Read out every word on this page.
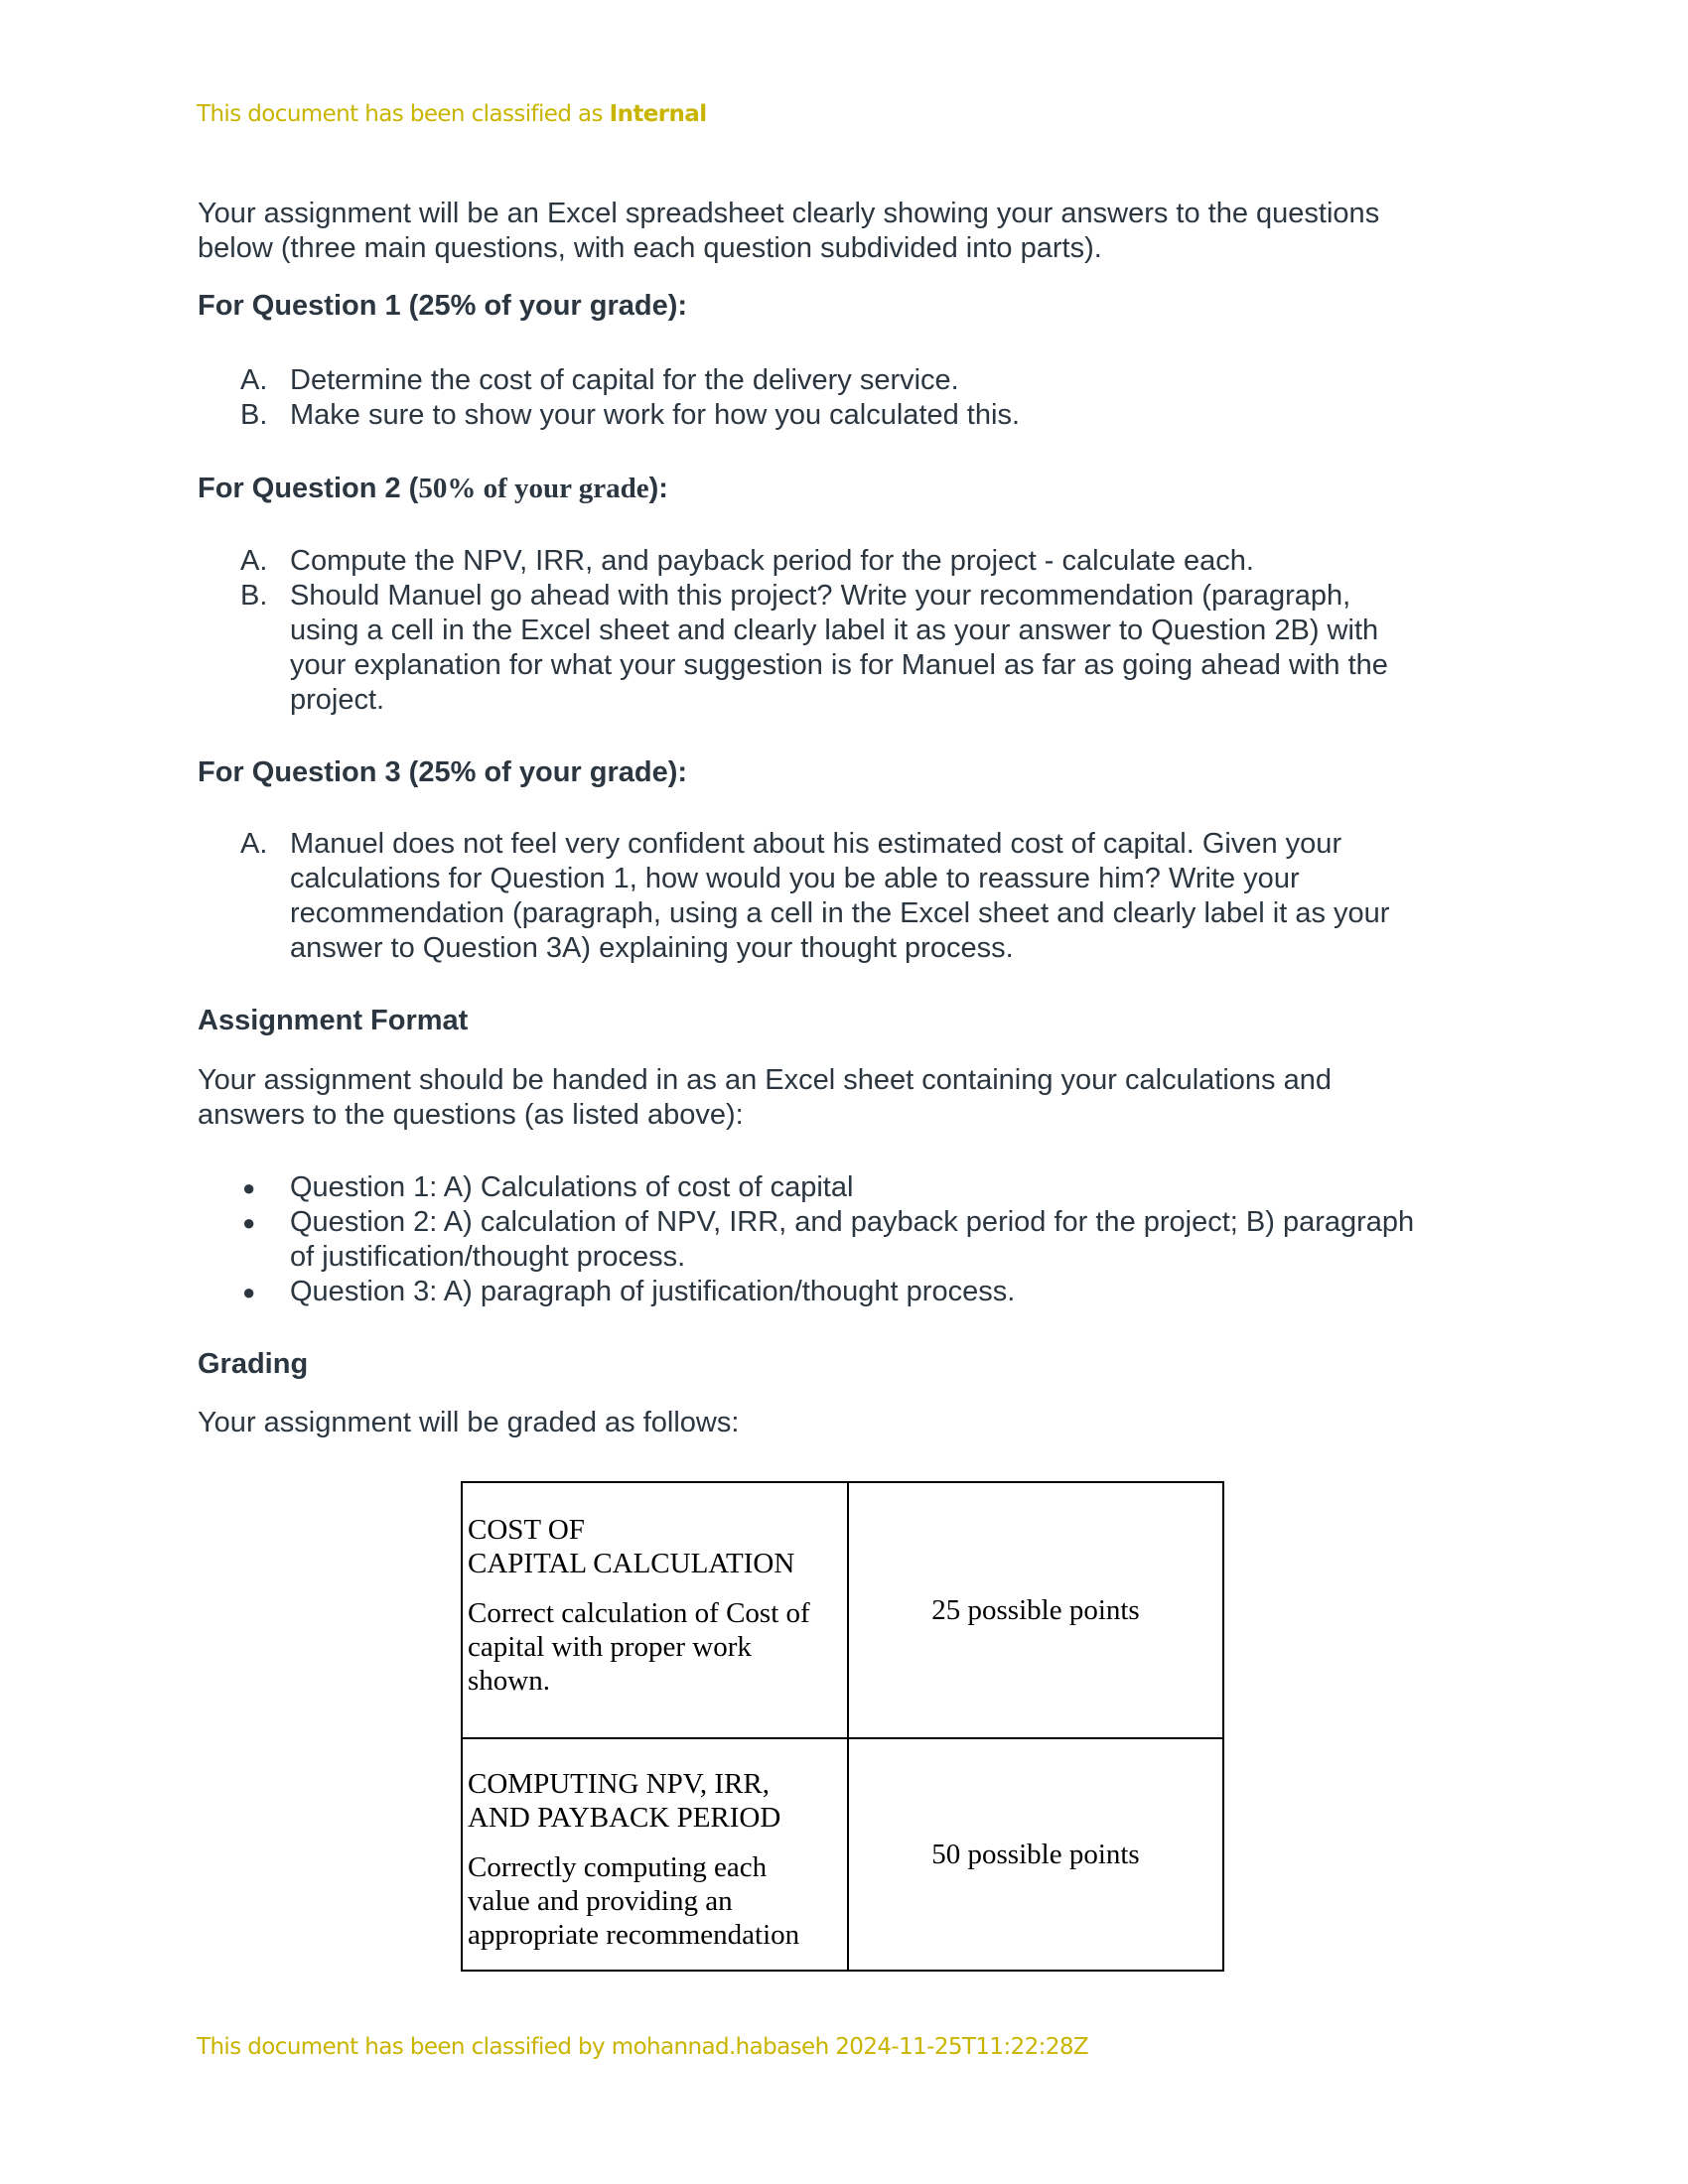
This document has been classified as Internal
Your assignment will be an Excel spreadsheet clearly showing your answers to the questions
below (three main questions, with each question subdivided into parts).
For Question 1 (25% of your grade):
A. Determine the cost of capital for the delivery service.
B. Make sure to show your work for how you calculated this.
For Question 2 (50% of your grade):
A. Compute the NPV, IRR, and payback period for the project - calculate each.
B. Should Manuel go ahead with this project? Write your recommendation (paragraph,
using a cell in the Excel sheet and clearly label it as your answer to Question 2B) with
your explanation for what your suggestion is for Manuel as far as going ahead with the
project.
For Question 3 (25% of your grade):
A. Manuel does not feel very confident about his estimated cost of capital. Given your
calculations for Question 1, how would you be able to reassure him? Write your
recommendation (paragraph, using a cell in the Excel sheet and clearly label it as your
answer to Question 3A) explaining your thought process.
Assignment Format
Your assignment should be handed in as an Excel sheet containing your calculations and
answers to the questions (as listed above):
● Question 1: A) Calculations of cost of capital
● Question 2: A) calculation of NPV, IRR, and payback period for the project; B) paragraph
of justification/thought process.
● Question 3: A) paragraph of justification/thought process.
Grading
Your assignment will be graded as follows:

COST OF
CAPITAL CALCULATION

Correct calculation of Cost of
capital with proper work
shown.	25 possible points

COMPUTING NPV, IRR,
AND PAYBACK PERIOD

Correctly computing each
value and providing an
appropriate recommendation	50 possible points
This document has been classified by mohannad.habaseh 2024-11-25T11:22:28Z
